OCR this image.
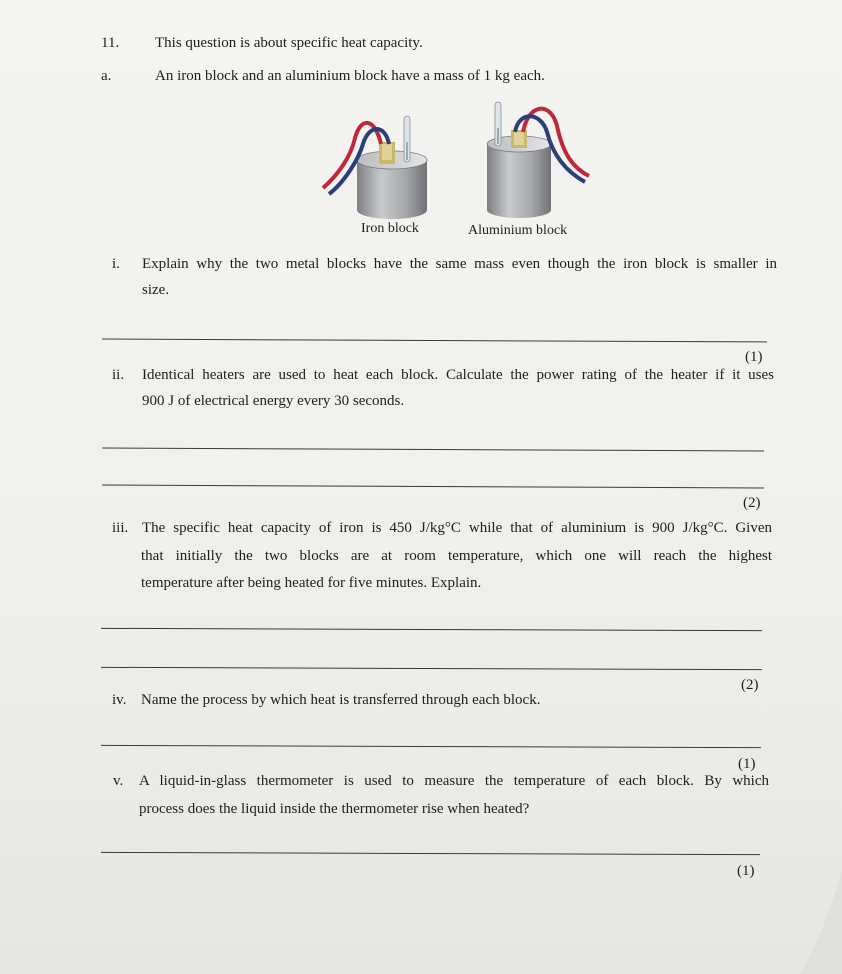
11. This question is about specific heat capacity.
a.	An iron block and an aluminium block have a mass of 1 kg each.
Iron block	Aluminium block
i. Explain why the two metal blocks have the same mass even though the iron block is smaller in
size.
(1)
ii. Identical heaters are used to heat each block. Calculate the power rating of the heater if it uses
900 J of electrical energy every 30 seconds.
(2)
iii. The specific heat capacity of iron is 450 J/kg°C while that of aluminium is 900 J/kg°C. Given
that initially the two blocks are at room temperature, which one will reach the highest
temperature after being heated for five minutes. Explain.
(2)
iv. Name the process by which heat is transferred through each block.
(1)
v. A liquid-in-glass thermometer is used to measure the temperature of each block. By which
process does the liquid inside the thermometer rise when heated?
(1)
